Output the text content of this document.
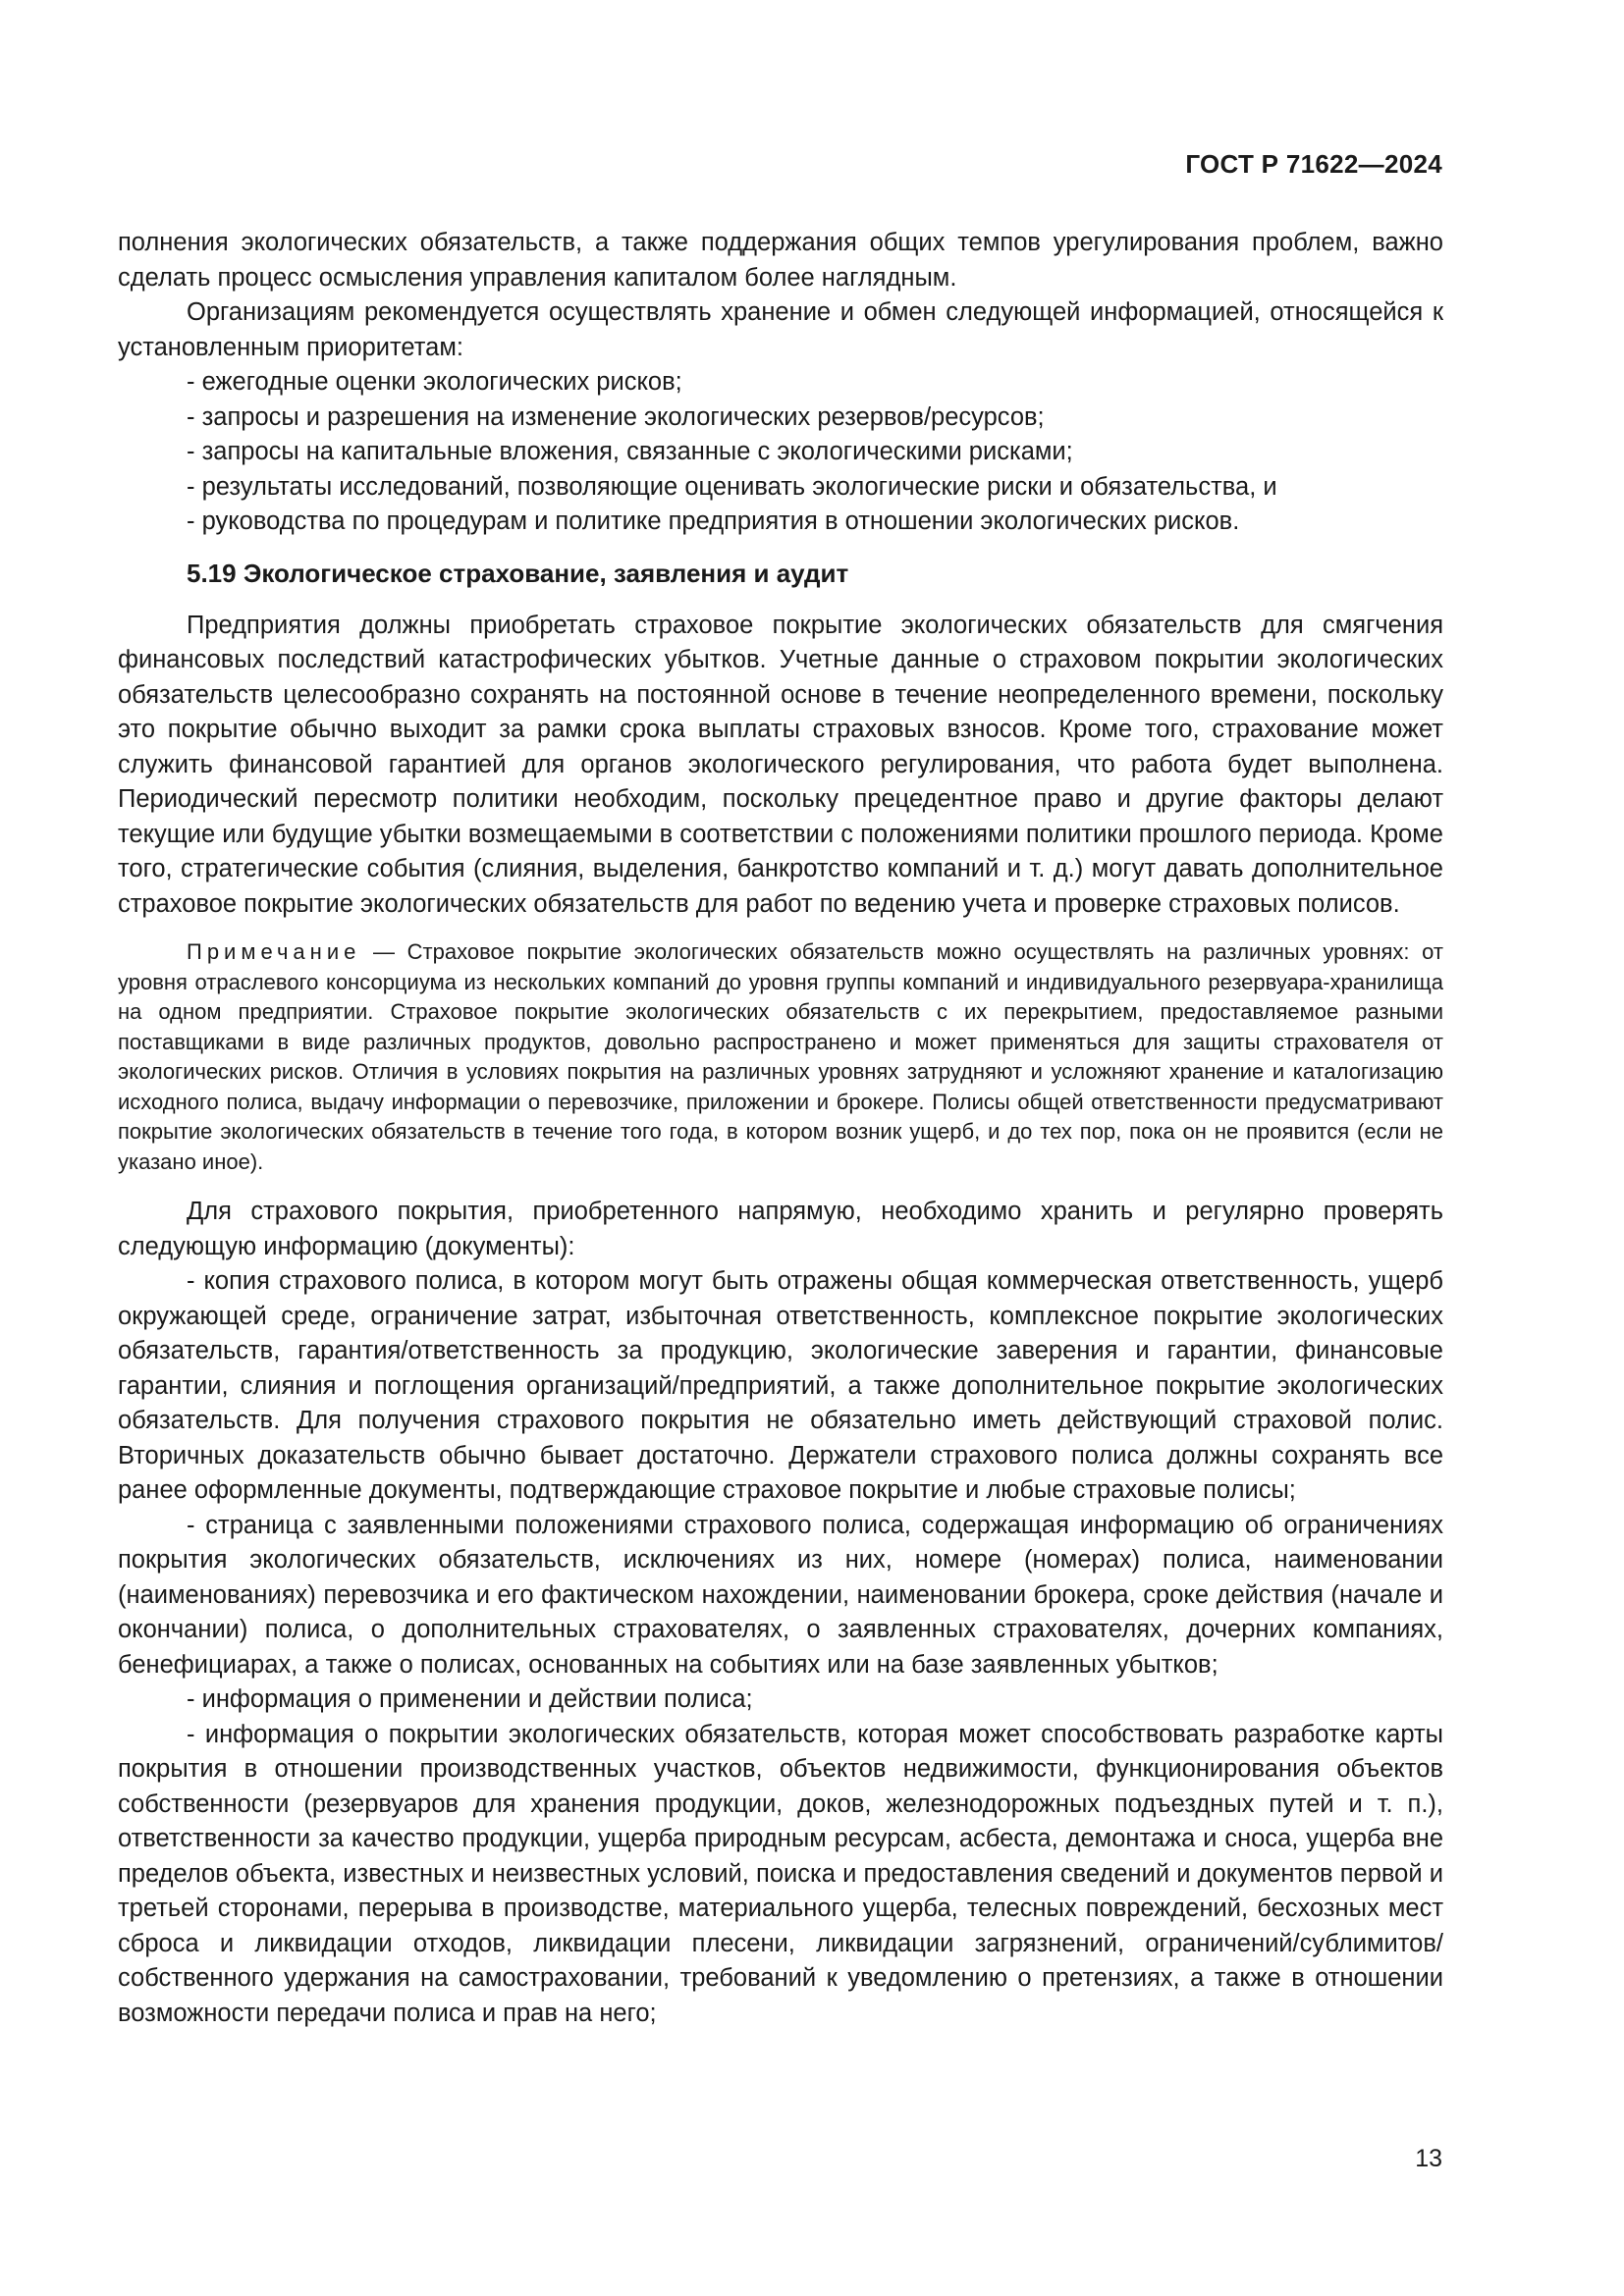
ГОСТ Р 71622—2024

полнения экологических обязательств, а также поддержания общих темпов урегулирования проблем, важно сделать процесс осмысления управления капиталом более наглядным.

Организациям рекомендуется осуществлять хранение и обмен следующей информацией, относящейся к установленным приоритетам:

- ежегодные оценки экологических рисков;
- запросы и разрешения на изменение экологических резервов/ресурсов;
- запросы на капитальные вложения, связанные с экологическими рисками;
- результаты исследований, позволяющие оценивать экологические риски и обязательства, и
- руководства по процедурам и политике предприятия в отношении экологических рисков.
5.19 Экологическое страхование, заявления и аудит

Предприятия должны приобретать страховое покрытие экологических обязательств для смягчения финансовых последствий катастрофических убытков. Учетные данные о страховом покрытии экологических обязательств целесообразно сохранять на постоянной основе в течение неопределенного времени, поскольку это покрытие обычно выходит за рамки срока выплаты страховых взносов. Кроме того, страхование может служить финансовой гарантией для органов экологического регулирования, что работа будет выполнена. Периодический пересмотр политики необходим, поскольку прецедентное право и другие факторы делают текущие или будущие убытки возмещаемыми в соответствии с положениями политики прошлого периода. Кроме того, стратегические события (слияния, выделения, банкротство компаний и т. д.) могут давать дополнительное страховое покрытие экологических обязательств для работ по ведению учета и проверке страховых полисов.

Примечание — Страховое покрытие экологических обязательств можно осуществлять на различных уровнях: от уровня отраслевого консорциума из нескольких компаний до уровня группы компаний и индивидуального резервуара-хранилища на одном предприятии. Страховое покрытие экологических обязательств с их перекрытием, предоставляемое разными поставщиками в виде различных продуктов, довольно распространено и может применяться для защиты страхователя от экологических рисков. Отличия в условиях покрытия на различных уровнях затрудняют и усложняют хранение и каталогизацию исходного полиса, выдачу информации о перевозчике, приложении и брокере. Полисы общей ответственности предусматривают покрытие экологических обязательств в течение того года, в котором возник ущерб, и до тех пор, пока он не проявится (если не указано иное).

Для страхового покрытия, приобретенного напрямую, необходимо хранить и регулярно проверять следующую информацию (документы):

- копия страхового полиса, в котором могут быть отражены общая коммерческая ответственность, ущерб окружающей среде, ограничение затрат, избыточная ответственность, комплексное покрытие экологических обязательств, гарантия/ответственность за продукцию, экологические заверения и гарантии, финансовые гарантии, слияния и поглощения организаций/предприятий, а также дополнительное покрытие экологических обязательств. Для получения страхового покрытия не обязательно иметь действующий страховой полис. Вторичных доказательств обычно бывает достаточно. Держатели страхового полиса должны сохранять все ранее оформленные документы, подтверждающие страховое покрытие и любые страховые полисы;

- страница с заявленными положениями страхового полиса, содержащая информацию об ограничениях покрытия экологических обязательств, исключениях из них, номере (номерах) полиса, наименовании (наименованиях) перевозчика и его фактическом нахождении, наименовании брокера, сроке действия (начале и окончании) полиса, о дополнительных страхователях, о заявленных страхователях, дочерних компаниях, бенефициарах, а также о полисах, основанных на событиях или на базе заявленных убытков;

- информация о применении и действии полиса;

- информация о покрытии экологических обязательств, которая может способствовать разработке карты покрытия в отношении производственных участков, объектов недвижимости, функционирования объектов собственности (резервуаров для хранения продукции, доков, железнодорожных подъездных путей и т. п.), ответственности за качество продукции, ущерба природным ресурсам, асбеста, демонтажа и сноса, ущерба вне пределов объекта, известных и неизвестных условий, поиска и предоставления сведений и документов первой и третьей сторонами, перерыва в производстве, материального ущерба, телесных повреждений, бесхозных мест сброса и ликвидации отходов, ликвидации плесени, ликвидации загрязнений, ограничений/сублимитов/собственного удержания на самостраховании, требований к уведомлению о претензиях, а также в отношении возможности передачи полиса и прав на него;

13
